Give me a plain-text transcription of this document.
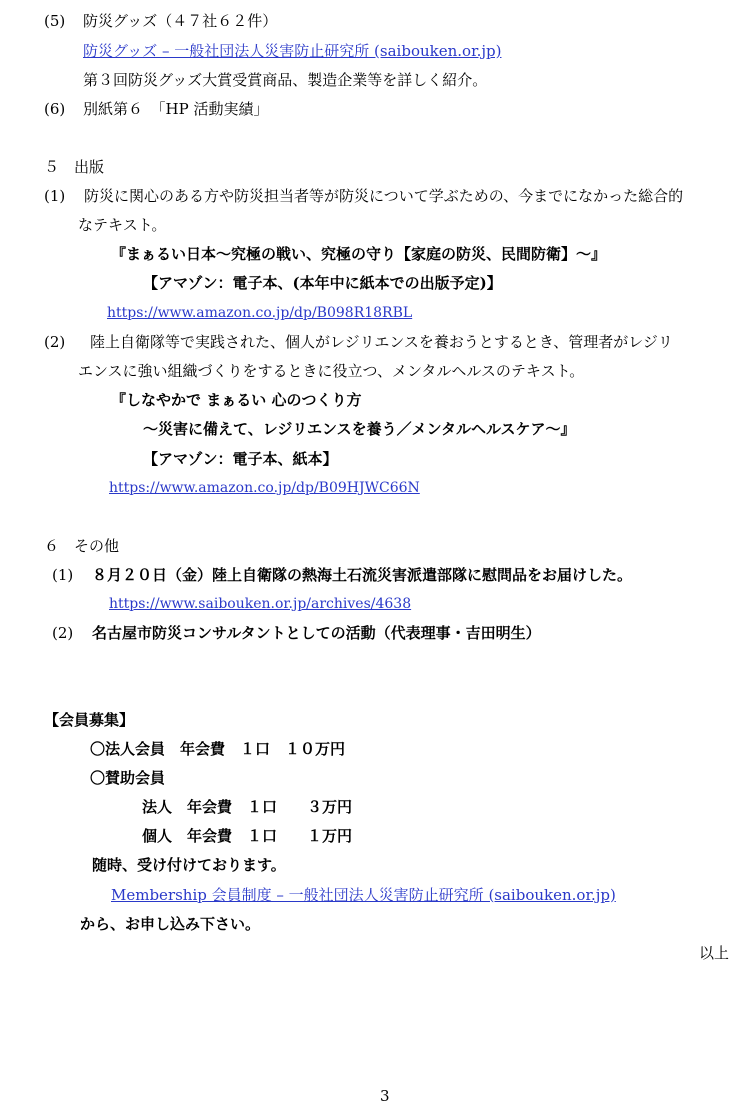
(5) 防災グッズ（４７社６２件）
防災グッズ – 一般社団法人災害防止研究所 (saibouken.or.jp)
第３回防災グッズ大賞受賞商品、製造企業等を詳しく紹介。
(6) 別紙第６　「HP 活動実績」
５　出版
(1) 防災に関心のある方や防災担当者等が防災について学ぶための、今までになかった総合的
なテキスト。
『まぁるい日本～究極の戦い、究極の守り【家庭の防災、民間防衛】～』
【アマゾン：電子本、(本年中に紙本での出版予定)】
https://www.amazon.co.jp/dp/B098R18RBL
(2) 陸上自衛隊等で実践された、個人がレジリエンスを養おうとするとき、管理者がレジリ
エンスに強い組織づくりをするときに役立つ、メンタルヘルスのテキスト。
『しなやかで まぁるい 心のつくり方
～災害に備えて、レジリエンスを養う／メンタルヘルスケア～』
【アマゾン：電子本、紙本】
https://www.amazon.co.jp/dp/B09HJWC66N
６　その他
(1) ８月２０日（金）陸上自衛隊の熱海土石流災害派遣部隊に慰問品をお届けした。
https://www.saibouken.or.jp/archives/4638
(2) 名古屋市防災コンサルタントとしての活動（代表理事・吉田明生）
【会員募集】
〇法人会員　年会費　１口　１０万円
〇賛助会員
法人　年会費　１口　　３万円
個人　年会費　１口　　１万円
随時、受け付けております。
Membership 会員制度 – 一般社団法人災害防止研究所 (saibouken.or.jp)
から、お申し込み下さい。
以上
3
